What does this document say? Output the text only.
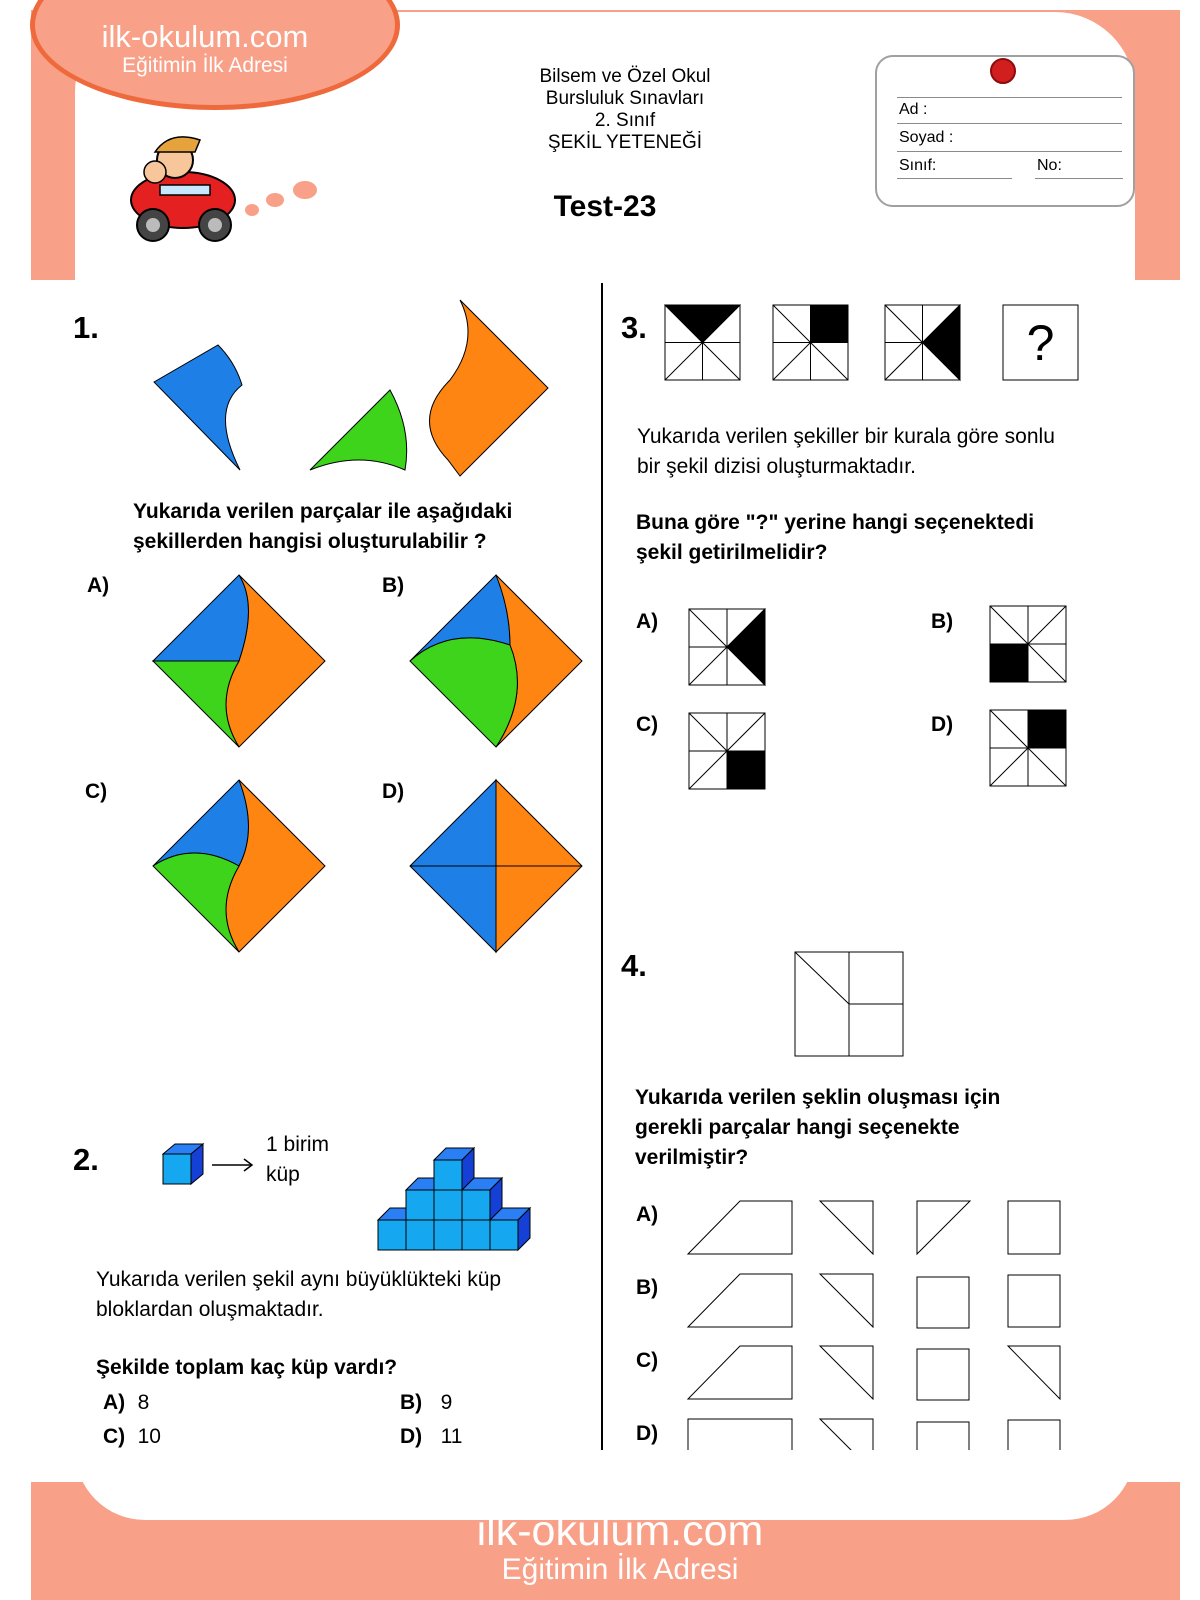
ilk-okulum.com
Eğitimin İlk Adresi	Bilsem ve Özel Okul
Bursluluk Sınavları
2. Sınıf
ŞEKİL YETENEĞİ
Test-23
Ad :
Soyad :
Sınıf:	No:
1.
Yukarıda verilen parçalar ile aşağıdaki
şekillerden hangisi oluşturulabilir ?
A)	B)
C)	D)
2.	1 birim
küp
Yukarıda verilen şekil aynı büyüklükteki küp
bloklardan oluşmaktadır.
Şekilde toplam kaç küp vardı?
A) 8	B) 9
C) 10	D) 11
3.	?
Yukarıda verilen şekiller bir kurala göre sonlu
bir şekil dizisi oluşturmaktadır.
Buna göre "?" yerine hangi seçenektedi
şekil getirilmelidir?
A)	B)
C)	D)
4.
Yukarıda verilen şeklin oluşması için
gerekli parçalar hangi seçenekte
verilmiştir?
A)
B)
C)
D)
ilk-okulum.com
Eğitimin İlk Adresi
